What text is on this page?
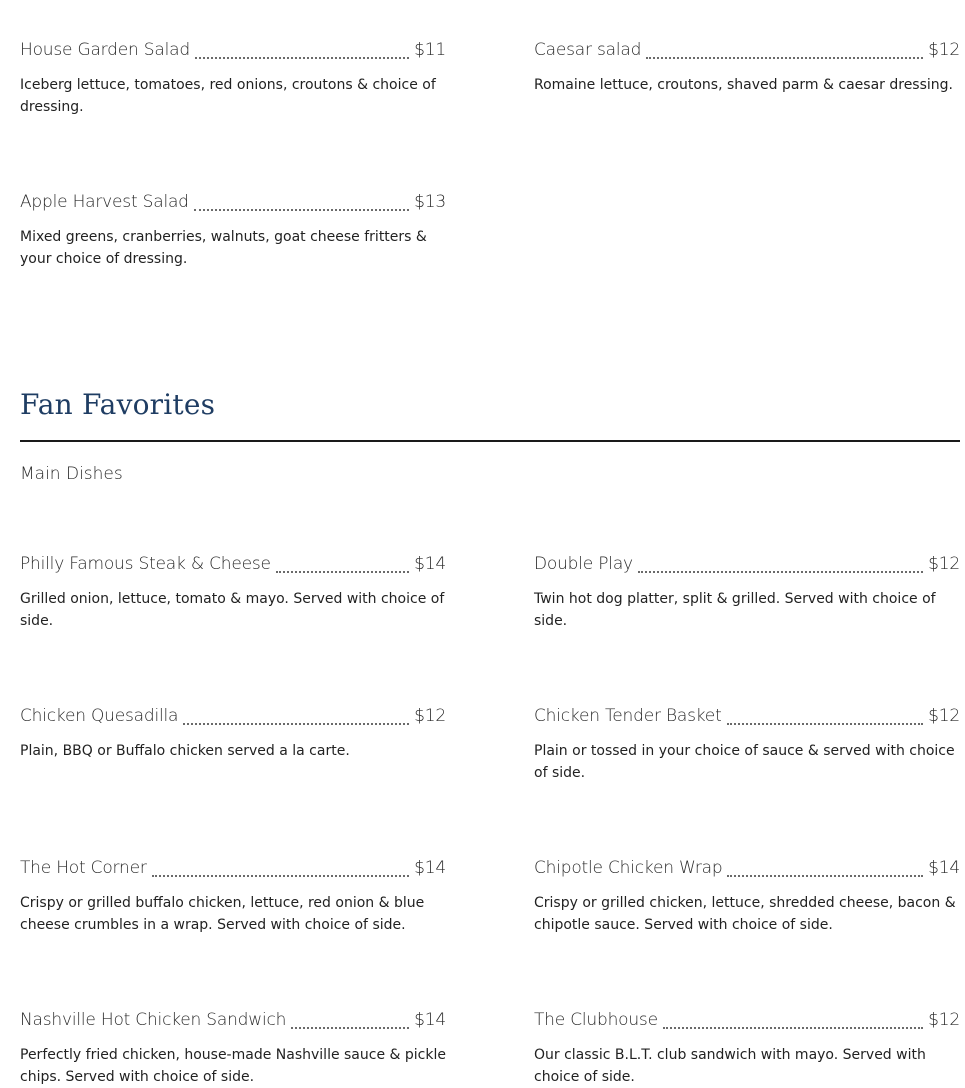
House Garden Salad	$11
Iceberg lettuce, tomatoes, red onions, croutons & choice of dressing.
Caesar salad	$12
Romaine lettuce, croutons, shaved parm & caesar dressing.
Apple Harvest Salad	$13
Mixed greens, cranberries, walnuts, goat cheese fritters & your choice of dressing.
Fan Favorites
Main Dishes
Philly Famous Steak & Cheese	$14
Grilled onion, lettuce, tomato & mayo. Served with choice of side.
Double Play	$12
Twin hot dog platter, split & grilled. Served with choice of side.
Chicken Quesadilla	$12
Plain, BBQ or Buffalo chicken served a la carte.
Chicken Tender Basket	$12
Plain or tossed in your choice of sauce & served with choice of side.
The Hot Corner	$14
Crispy or grilled buffalo chicken, lettuce, red onion & blue cheese crumbles in a wrap. Served with choice of side.
Chipotle Chicken Wrap	$14
Crispy or grilled chicken, lettuce, shredded cheese, bacon & chipotle sauce. Served with choice of side.
Nashville Hot Chicken Sandwich	$14
Perfectly fried chicken, house-made Nashville sauce & pickle chips. Served with choice of side.
The Clubhouse	$12
Our classic B.L.T. club sandwich with mayo. Served with choice of side.
